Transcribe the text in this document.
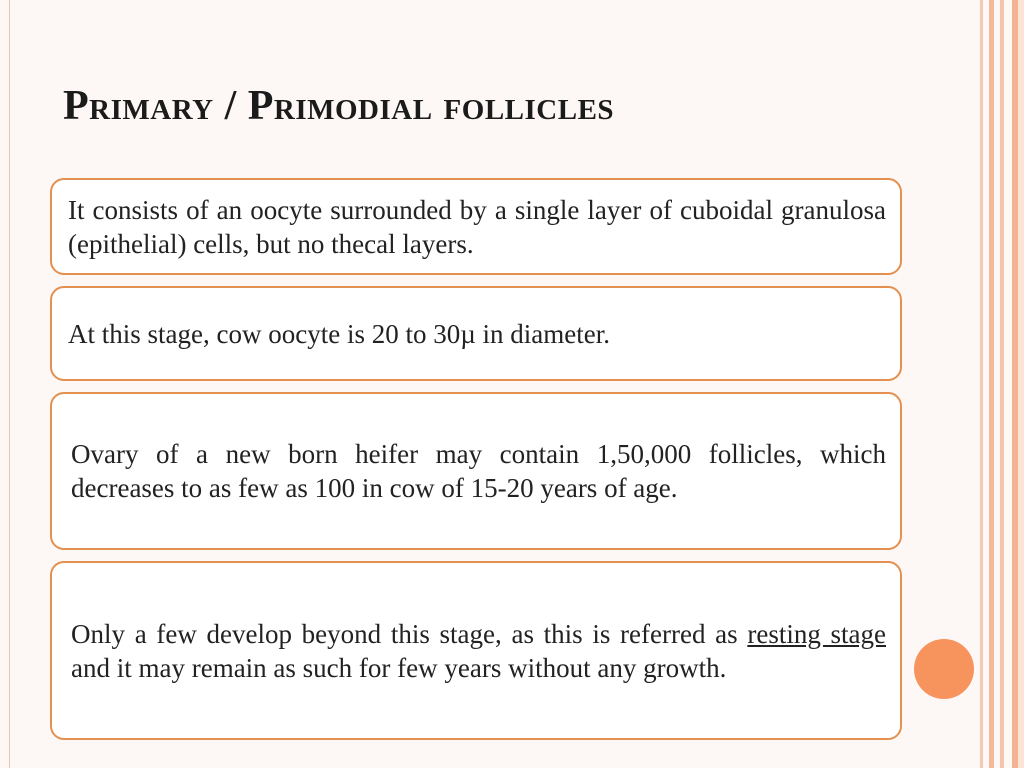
Primary / Primodial follicles

It consists of an oocyte surrounded by a single layer of cuboidal granulosa (epithelial) cells, but no thecal layers.

At this stage, cow oocyte is 20 to 30µ in diameter.

Ovary of a new born heifer may contain 1,50,000 follicles, which decreases to as few as 100 in cow of 15-20 years of age.

Only a few develop beyond this stage, as this is referred as resting stage and it may remain as such for few years without any growth.
